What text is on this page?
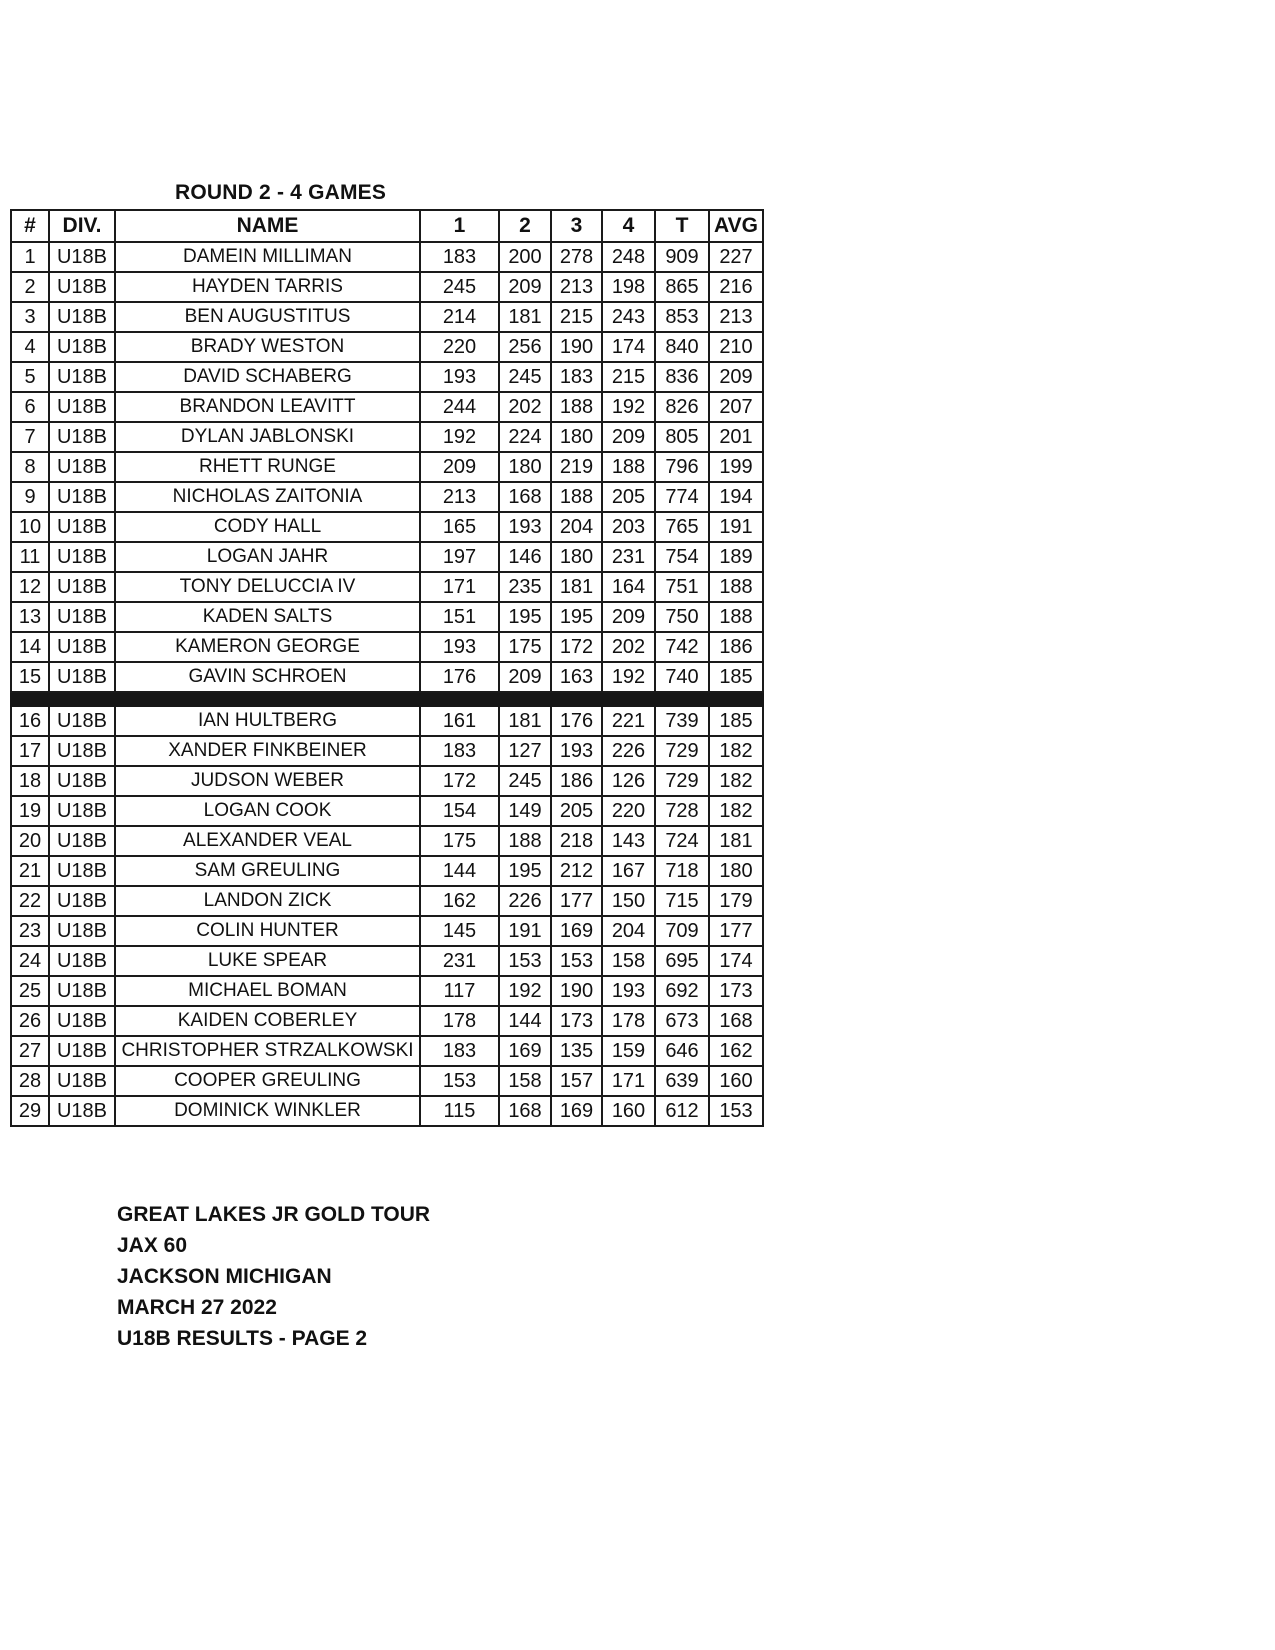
ROUND 2 - 4 GAMES
#	DIV.	NAME	1	2	3	4	T	AVG
1	U18B	DAMEIN MILLIMAN	183	200	278	248	909	227
2	U18B	HAYDEN TARRIS	245	209	213	198	865	216
3	U18B	BEN AUGUSTITUS	214	181	215	243	853	213
4	U18B	BRADY WESTON	220	256	190	174	840	210
5	U18B	DAVID SCHABERG	193	245	183	215	836	209
6	U18B	BRANDON LEAVITT	244	202	188	192	826	207
7	U18B	DYLAN JABLONSKI	192	224	180	209	805	201
8	U18B	RHETT RUNGE	209	180	219	188	796	199
9	U18B	NICHOLAS ZAITONIA	213	168	188	205	774	194
10	U18B	CODY HALL	165	193	204	203	765	191
11	U18B	LOGAN JAHR	197	146	180	231	754	189
12	U18B	TONY DELUCCIA IV	171	235	181	164	751	188
13	U18B	KADEN SALTS	151	195	195	209	750	188
14	U18B	KAMERON GEORGE	193	175	172	202	742	186
15	U18B	GAVIN SCHROEN	176	209	163	192	740	185

16	U18B	IAN HULTBERG	161	181	176	221	739	185
17	U18B	XANDER FINKBEINER	183	127	193	226	729	182
18	U18B	JUDSON WEBER	172	245	186	126	729	182
19	U18B	LOGAN COOK	154	149	205	220	728	182
20	U18B	ALEXANDER VEAL	175	188	218	143	724	181
21	U18B	SAM GREULING	144	195	212	167	718	180
22	U18B	LANDON ZICK	162	226	177	150	715	179
23	U18B	COLIN HUNTER	145	191	169	204	709	177
24	U18B	LUKE SPEAR	231	153	153	158	695	174
25	U18B	MICHAEL BOMAN	117	192	190	193	692	173
26	U18B	KAIDEN COBERLEY	178	144	173	178	673	168
27	U18B	CHRISTOPHER STRZALKOWSKI	183	169	135	159	646	162
28	U18B	COOPER GREULING	153	158	157	171	639	160
29	U18B	DOMINICK WINKLER	115	168	169	160	612	153
GREAT LAKES JR GOLD TOUR
JAX 60
JACKSON MICHIGAN
MARCH 27 2022
U18B RESULTS - PAGE 2
